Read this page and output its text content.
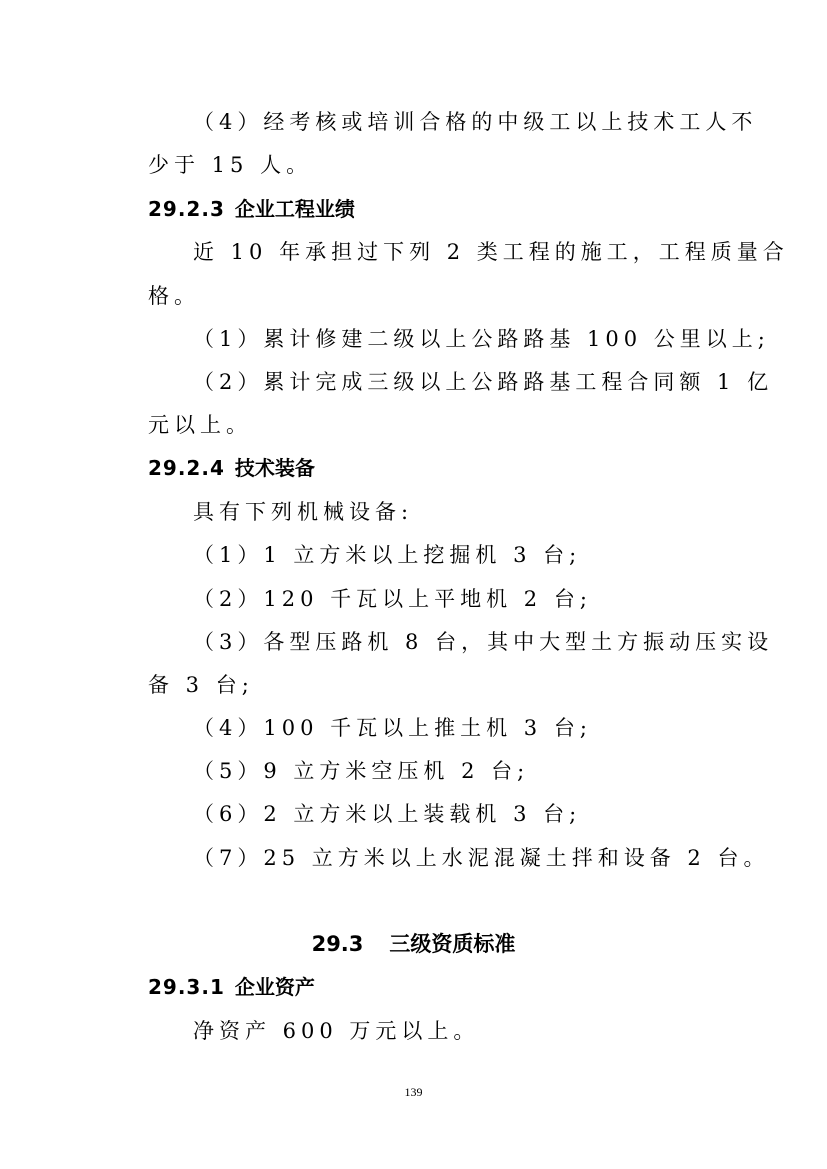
（4）经考核或培训合格的中级工以上技术工人不
少于 15 人。
29.2.3 企业工程业绩
近 10 年承担过下列 2 类工程的施工，工程质量合
格。
（1）累计修建二级以上公路路基 100 公里以上;
（2）累计完成三级以上公路路基工程合同额 1 亿
元以上。
29.2.4 技术装备
具有下列机械设备:
（1）1 立方米以上挖掘机 3 台;
（2）120 千瓦以上平地机 2 台;
（3）各型压路机 8 台，其中大型土方振动压实设
备 3 台;
（4）100 千瓦以上推土机 3 台;
（5）9 立方米空压机 2 台;
（6）2 立方米以上装载机 3 台;
（7）25 立方米以上水泥混凝土拌和设备 2 台。
29.3 三级资质标准
29.3.1 企业资产
净资产 600 万元以上。
139
